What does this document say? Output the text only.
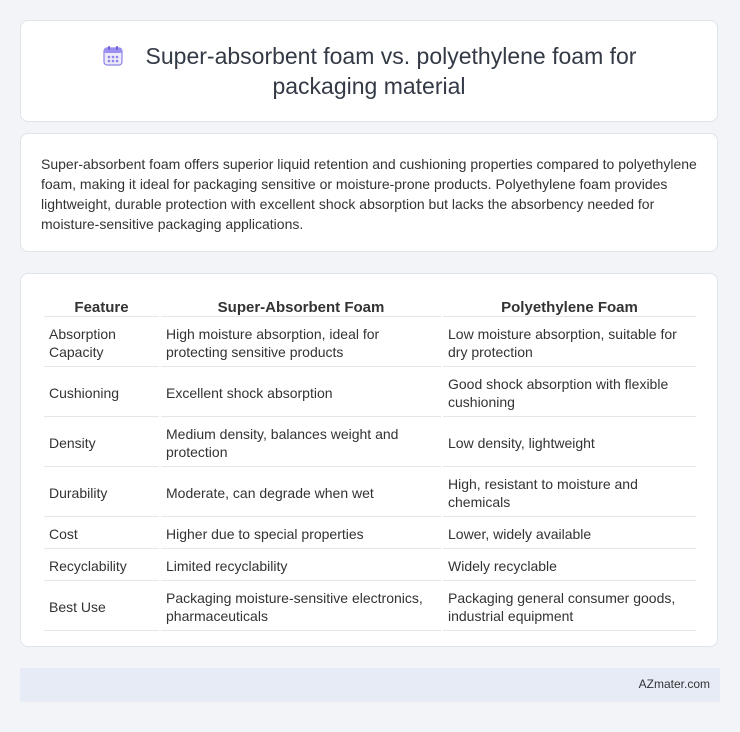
Super-absorbent foam vs. polyethylene foam for packaging material

Super-absorbent foam offers superior liquid retention and cushioning properties compared to polyethylene foam, making it ideal for packaging sensitive or moisture-prone products. Polyethylene foam provides lightweight, durable protection with excellent shock absorption but lacks the absorbency needed for moisture-sensitive packaging applications.

Feature	Super-Absorbent Foam	Polyethylene Foam
Absorption Capacity	High moisture absorption, ideal for protecting sensitive products	Low moisture absorption, suitable for dry protection
Cushioning	Excellent shock absorption	Good shock absorption with flexible cushioning
Density	Medium density, balances weight and protection	Low density, lightweight
Durability	Moderate, can degrade when wet	High, resistant to moisture and chemicals
Cost	Higher due to special properties	Lower, widely available
Recyclability	Limited recyclability	Widely recyclable
Best Use	Packaging moisture-sensitive electronics, pharmaceuticals	Packaging general consumer goods, industrial equipment
AZmater.com
